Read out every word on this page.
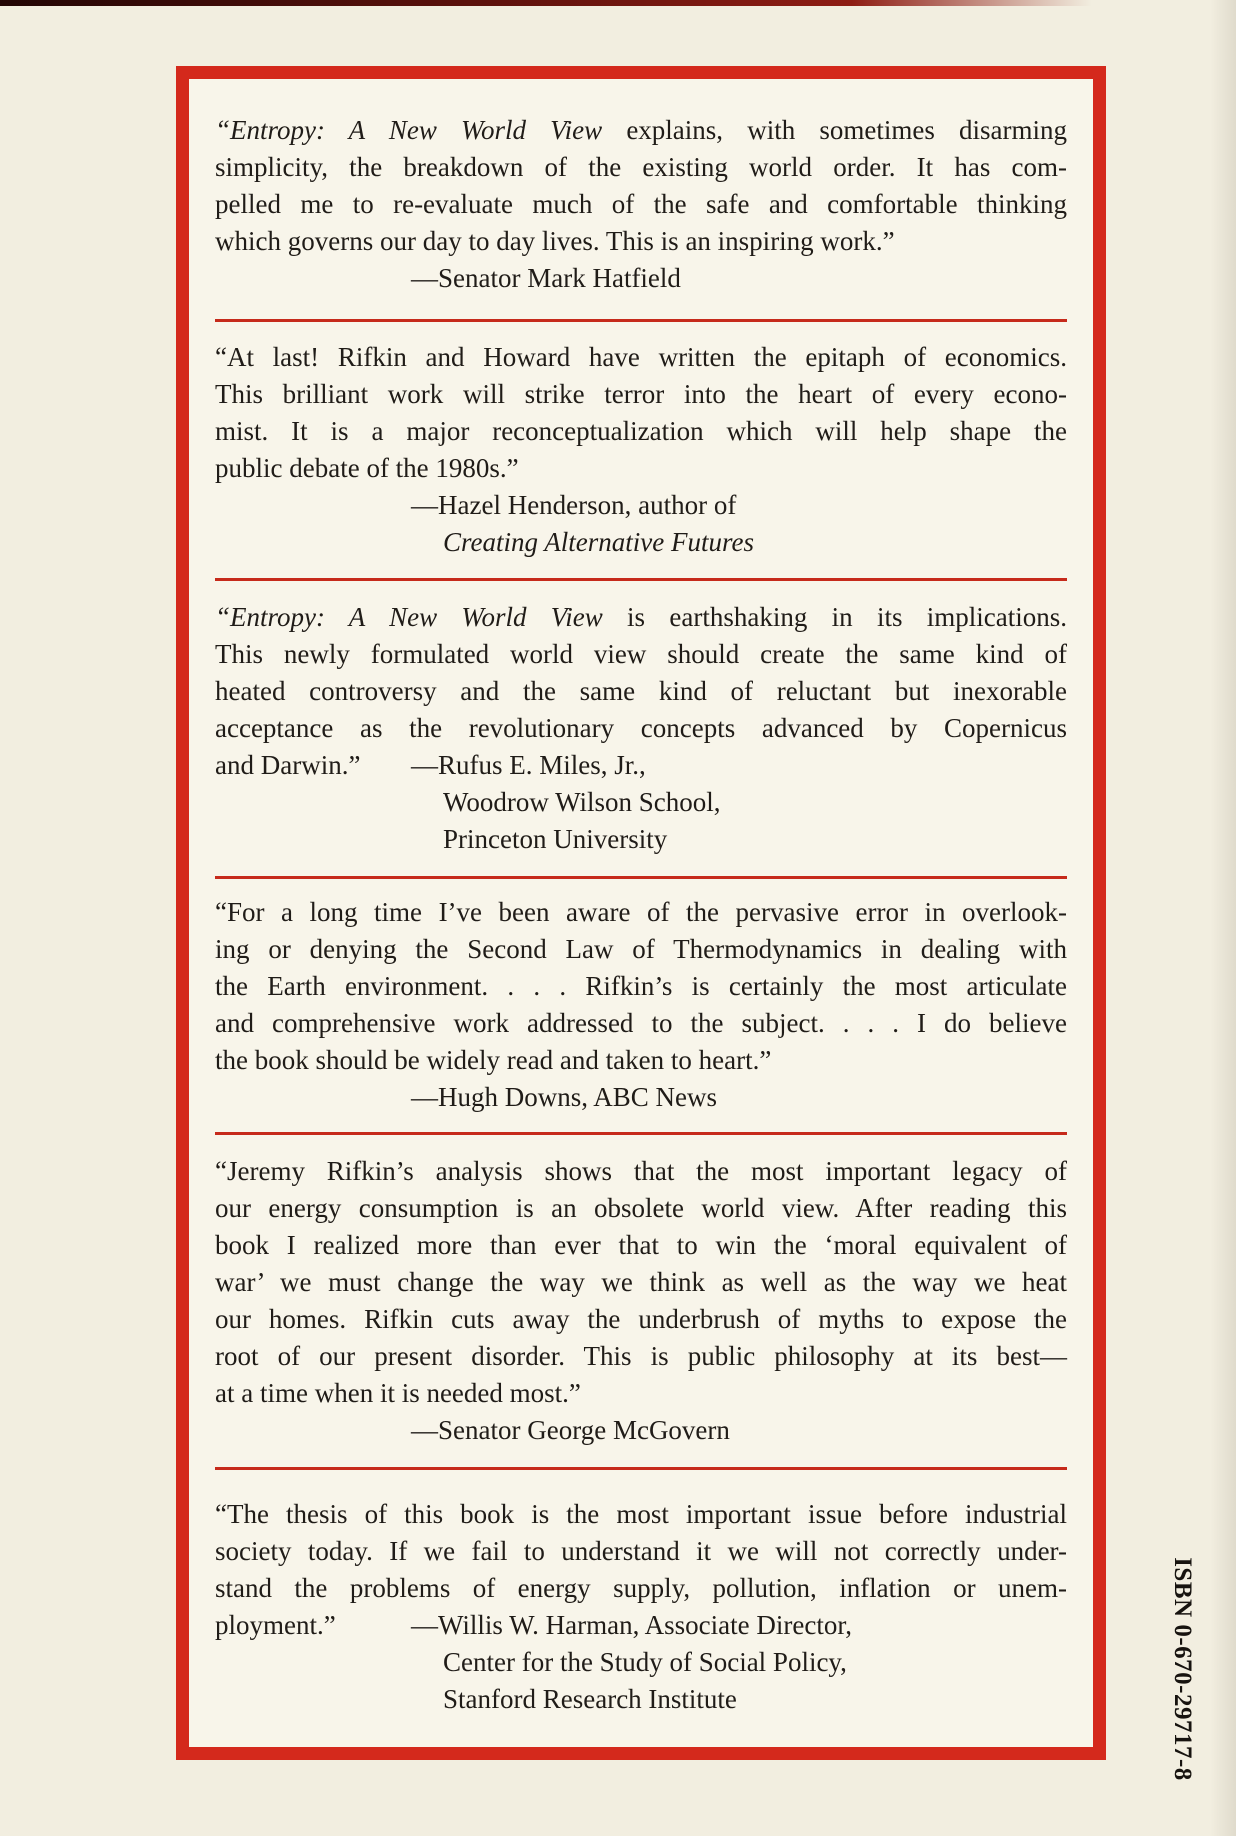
“Entropy: A New World View explains, with sometimes disarming
simplicity, the breakdown of the existing world order. It has com-
pelled me to re-evaluate much of the safe and comfortable thinking
which governs our day to day lives. This is an inspiring work.”
—Senator Mark Hatfield
“At last! Rifkin and Howard have written the epitaph of economics.
This brilliant work will strike terror into the heart of every econo-
mist. It is a major reconceptualization which will help shape the
public debate of the 1980s.”
—Hazel Henderson, author of
Creating Alternative Futures
“Entropy: A New World View is earthshaking in its implications.
This newly formulated world view should create the same kind of
heated controversy and the same kind of reluctant but inexorable
acceptance as the revolutionary concepts advanced by Copernicus
and Darwin.” —Rufus E. Miles, Jr.,
Woodrow Wilson School,
Princeton University
“For a long time I’ve been aware of the pervasive error in overlook-
ing or denying the Second Law of Thermodynamics in dealing with
the Earth environment. . . . Rifkin’s is certainly the most articulate
and comprehensive work addressed to the subject. . . . I do believe
the book should be widely read and taken to heart.”
—Hugh Downs, ABC News
“Jeremy Rifkin’s analysis shows that the most important legacy of
our energy consumption is an obsolete world view. After reading this
book I realized more than ever that to win the ‘moral equivalent of
war’ we must change the way we think as well as the way we heat
our homes. Rifkin cuts away the underbrush of myths to expose the
root of our present disorder. This is public philosophy at its best—
at a time when it is needed most.”
—Senator George McGovern
“The thesis of this book is the most important issue before industrial
society today. If we fail to understand it we will not correctly under-
stand the problems of energy supply, pollution, inflation or unem-
ployment.”	—Willis W. Harman, Associate Director,
Center for the Study of Social Policy,
Stanford Research Institute	ISBN 0-670-29717-8
